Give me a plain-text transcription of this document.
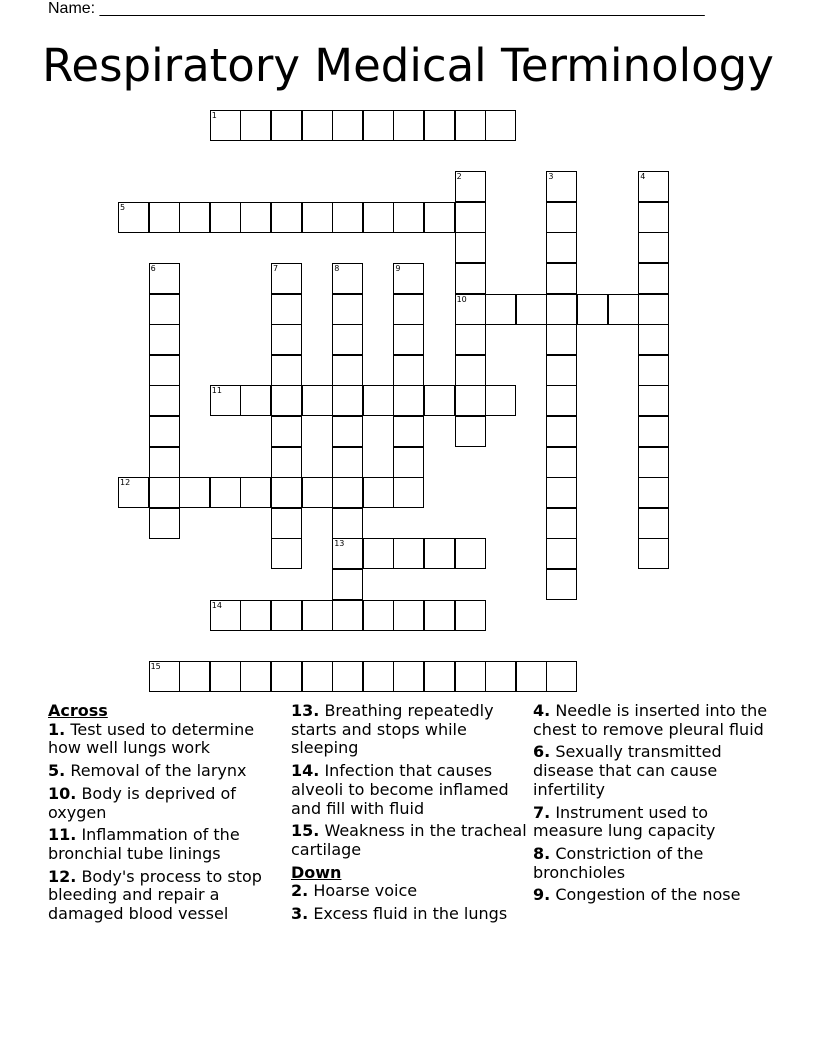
Name: ____________________________________________________________________
Respiratory Medical Terminology
1
2
10
3	4
5
6	7	8
13
9
11
12
14
15
Across
1. Test used to determine how well lungs work
5. Removal of the larynx
10. Body is deprived of oxygen
11. Inflammation of the bronchial tube linings
12. Body's process to stop bleeding and repair a damaged blood vessel
13. Breathing repeatedly starts and stops while sleeping
14. Infection that causes alveoli to become inflamed and fill with fluid
15. Weakness in the tracheal cartilage
Down
2. Hoarse voice
3. Excess fluid in the lungs
4. Needle is inserted into the chest to remove pleural fluid
6. Sexually transmitted disease that can cause infertility
7. Instrument used to measure lung capacity
8. Constriction of the bronchioles
9. Congestion of the nose
